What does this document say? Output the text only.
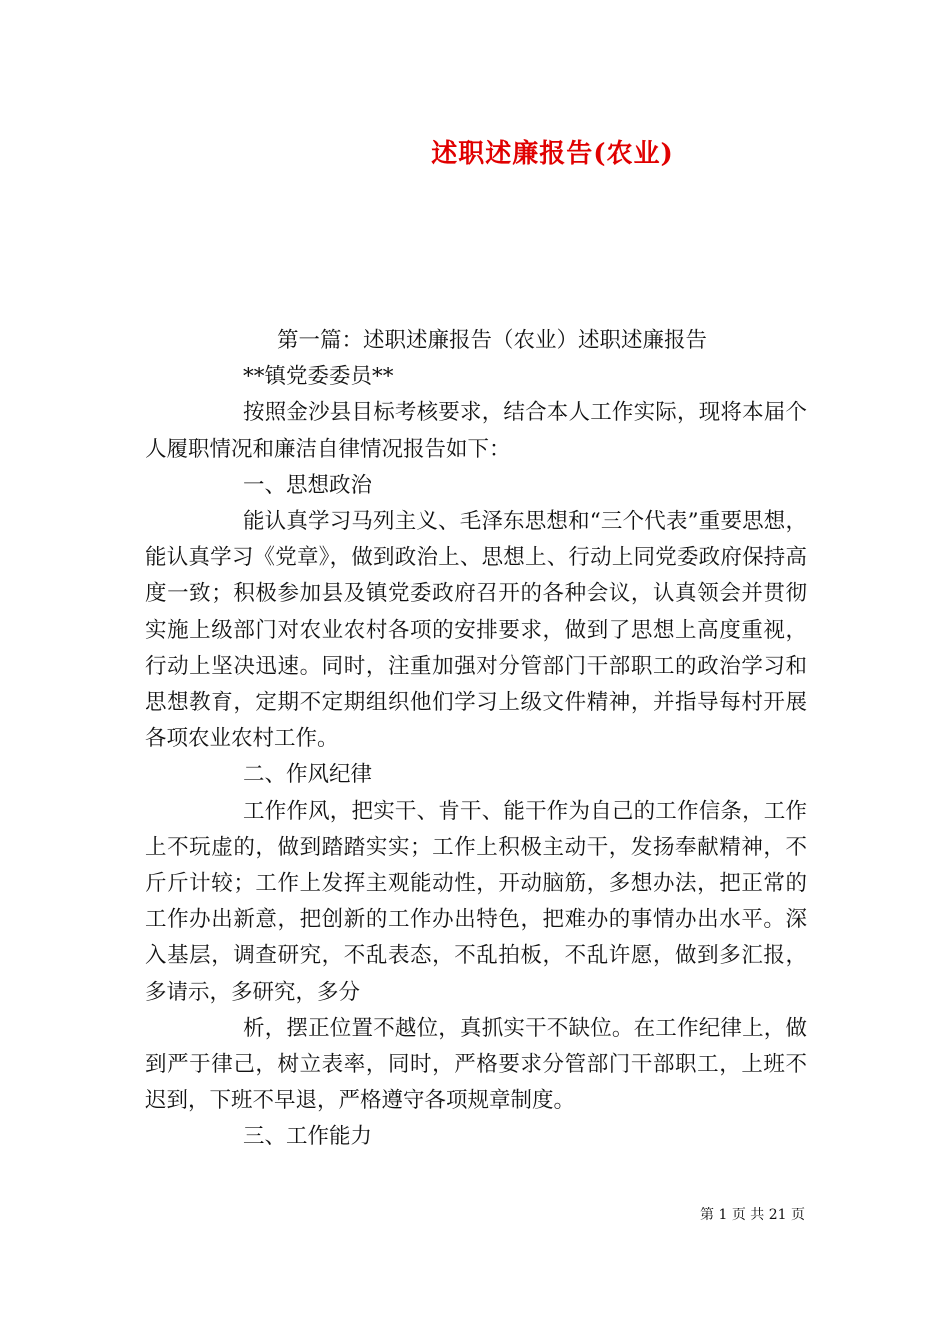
述职述廉报告(农业)

第一篇：述职述廉报告（农业）述职述廉报告

**镇党委委员**

按照金沙县目标考核要求，结合本人工作实际，现将本届个人履职情况和廉洁自律情况报告如下：

一、思想政治

能认真学习马列主义、毛泽东思想和“三个代表”重要思想，能认真学习《党章》，做到政治上、思想上、行动上同党委政府保持高度一致；积极参加县及镇党委政府召开的各种会议，认真领会并贯彻实施上级部门对农业农村各项的安排要求，做到了思想上高度重视，行动上坚决迅速。同时，注重加强对分管部门干部职工的政治学习和思想教育，定期不定期组织他们学习上级文件精神，并指导每村开展各项农业农村工作。

二、作风纪律

工作作风，把实干、肯干、能干作为自己的工作信条，工作上不玩虚的，做到踏踏实实；工作上积极主动干，发扬奉献精神，不斤斤计较；工作上发挥主观能动性，开动脑筋，多想办法，把正常的工作办出新意，把创新的工作办出特色，把难办的事情办出水平。深入基层，调查研究，不乱表态，不乱拍板，不乱许愿，做到多汇报，多请示，多研究，多分

析，摆正位置不越位，真抓实干不缺位。在工作纪律上，做到严于律己，树立表率，同时，严格要求分管部门干部职工，上班不迟到，下班不早退，严格遵守各项规章制度。

三、工作能力

第 1 页 共 21 页
